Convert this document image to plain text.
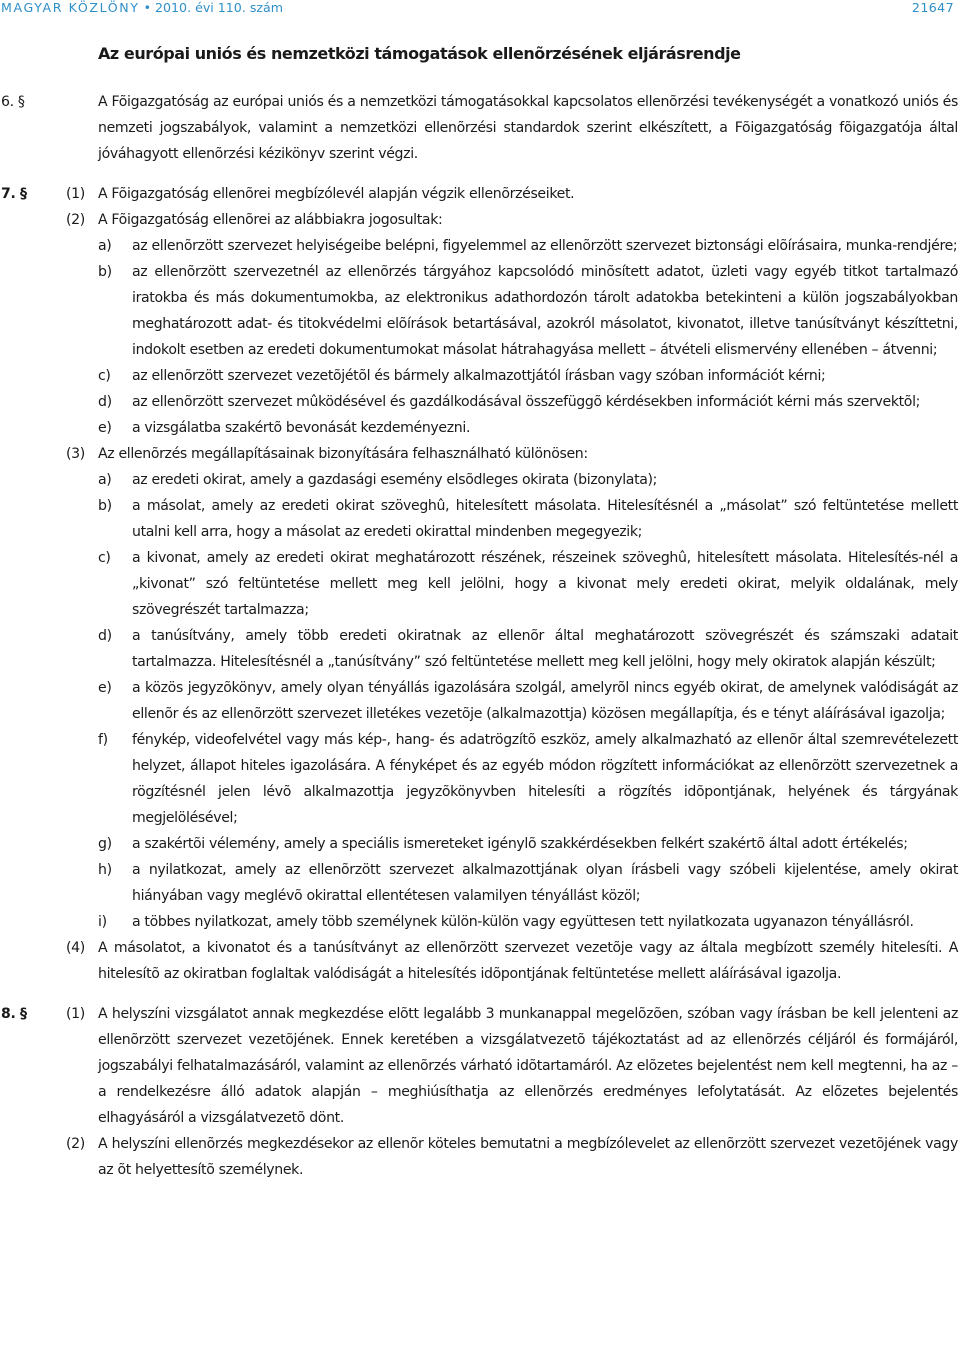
MAGYAR KÖZLÖNY • 2010. évi 110. szám	21647
Az európai uniós és nemzetközi támogatások ellenõrzésének eljárásrendje
6. §	A Fõigazgatóság az európai uniós és a nemzetközi támogatásokkal kapcsolatos ellenõrzési tevékenységét a vonatkozó uniós és nemzeti jogszabályok, valamint a nemzetközi ellenõrzési standardok szerint elkészített, a Fõigazgatóság fõigazgatója által jóváhagyott ellenõrzési kézikönyv szerint végzi.
7. §	(1) A Fõigazgatóság ellenõrei megbízólevél alapján végzik ellenõrzéseiket.
(2) A Fõigazgatóság ellenõrei az alábbiakra jogosultak:
a) az ellenõrzött szervezet helyiségeibe belépni, figyelemmel az ellenõrzött szervezet biztonsági elõírásaira, munka-rendjére;
b) az ellenõrzött szervezetnél az ellenõrzés tárgyához kapcsolódó minõsített adatot, üzleti vagy egyéb titkot tartalmazó iratokba és más dokumentumokba, az elektronikus adathordozón tárolt adatokba betekinteni a külön jogszabályokban meghatározott adat- és titokvédelmi elõírások betartásával, azokról másolatot, kivonatot, illetve tanúsítványt készíttetni, indokolt esetben az eredeti dokumentumokat másolat hátrahagyása mellett – átvételi elismervény ellenében – átvenni;
c) az ellenõrzött szervezet vezetõjétõl és bármely alkalmazottjától írásban vagy szóban információt kérni;
d) az ellenõrzött szervezet mûködésével és gazdálkodásával összefüggõ kérdésekben információt kérni más szervektõl;
e) a vizsgálatba szakértõ bevonását kezdeményezni.
(3) Az ellenõrzés megállapításainak bizonyítására felhasználható különösen:
a) az eredeti okirat, amely a gazdasági esemény elsõdleges okirata (bizonylata);
b) a másolat, amely az eredeti okirat szöveghû, hitelesített másolata. Hitelesítésnél a „másolat” szó feltüntetése mellett utalni kell arra, hogy a másolat az eredeti okirattal mindenben megegyezik;
c) a kivonat, amely az eredeti okirat meghatározott részének, részeinek szöveghû, hitelesített másolata. Hitelesítés-nél a „kivonat” szó feltüntetése mellett meg kell jelölni, hogy a kivonat mely eredeti okirat, melyik oldalának, mely szövegrészét tartalmazza;
d) a tanúsítvány, amely több eredeti okiratnak az ellenõr által meghatározott szövegrészét és számszaki adatait tartalmazza. Hitelesítésnél a „tanúsítvány” szó feltüntetése mellett meg kell jelölni, hogy mely okiratok alapján készült;
e) a közös jegyzõkönyv, amely olyan tényállás igazolására szolgál, amelyrõl nincs egyéb okirat, de amelynek valódiságát az ellenõr és az ellenõrzött szervezet illetékes vezetõje (alkalmazottja) közösen megállapítja, és e tényt aláírásával igazolja;
f) fénykép, videofelvétel vagy más kép-, hang- és adatrögzítõ eszköz, amely alkalmazható az ellenõr által szemrevételezett helyzet, állapot hiteles igazolására. A fényképet és az egyéb módon rögzített információkat az ellenõrzött szervezetnek a rögzítésnél jelen lévõ alkalmazottja jegyzõkönyvben hitelesíti a rögzítés idõpontjának, helyének és tárgyának megjelölésével;
g) a szakértõi vélemény, amely a speciális ismereteket igénylõ szakkérdésekben felkért szakértõ által adott értékelés;
h) a nyilatkozat, amely az ellenõrzött szervezet alkalmazottjának olyan írásbeli vagy szóbeli kijelentése, amely okirat hiányában vagy meglévõ okirattal ellentétesen valamilyen tényállást közöl;
i) a többes nyilatkozat, amely több személynek külön-külön vagy együttesen tett nyilatkozata ugyanazon tényállásról.
(4) A másolatot, a kivonatot és a tanúsítványt az ellenõrzött szervezet vezetõje vagy az általa megbízott személy hitelesíti. A hitelesítõ az okiratban foglaltak valódiságát a hitelesítés idõpontjának feltüntetése mellett aláírásával igazolja.
8. §	(1) A helyszíni vizsgálatot annak megkezdése elõtt legalább 3 munkanappal megelõzõen, szóban vagy írásban be kell jelenteni az ellenõrzött szervezet vezetõjének. Ennek keretében a vizsgálatvezetõ tájékoztatást ad az ellenõrzés céljáról és formájáról, jogszabályi felhatalmazásáról, valamint az ellenõrzés várható idõtartamáról. Az elõzetes bejelentést nem kell megtenni, ha az – a rendelkezésre álló adatok alapján – meghiúsíthatja az ellenõrzés eredményes lefolytatását. Az elõzetes bejelentés elhagyásáról a vizsgálatvezetõ dönt.
(2) A helyszíni ellenõrzés megkezdésekor az ellenõr köteles bemutatni a megbízólevelet az ellenõrzött szervezet vezetõjének vagy az õt helyettesítõ személynek.
